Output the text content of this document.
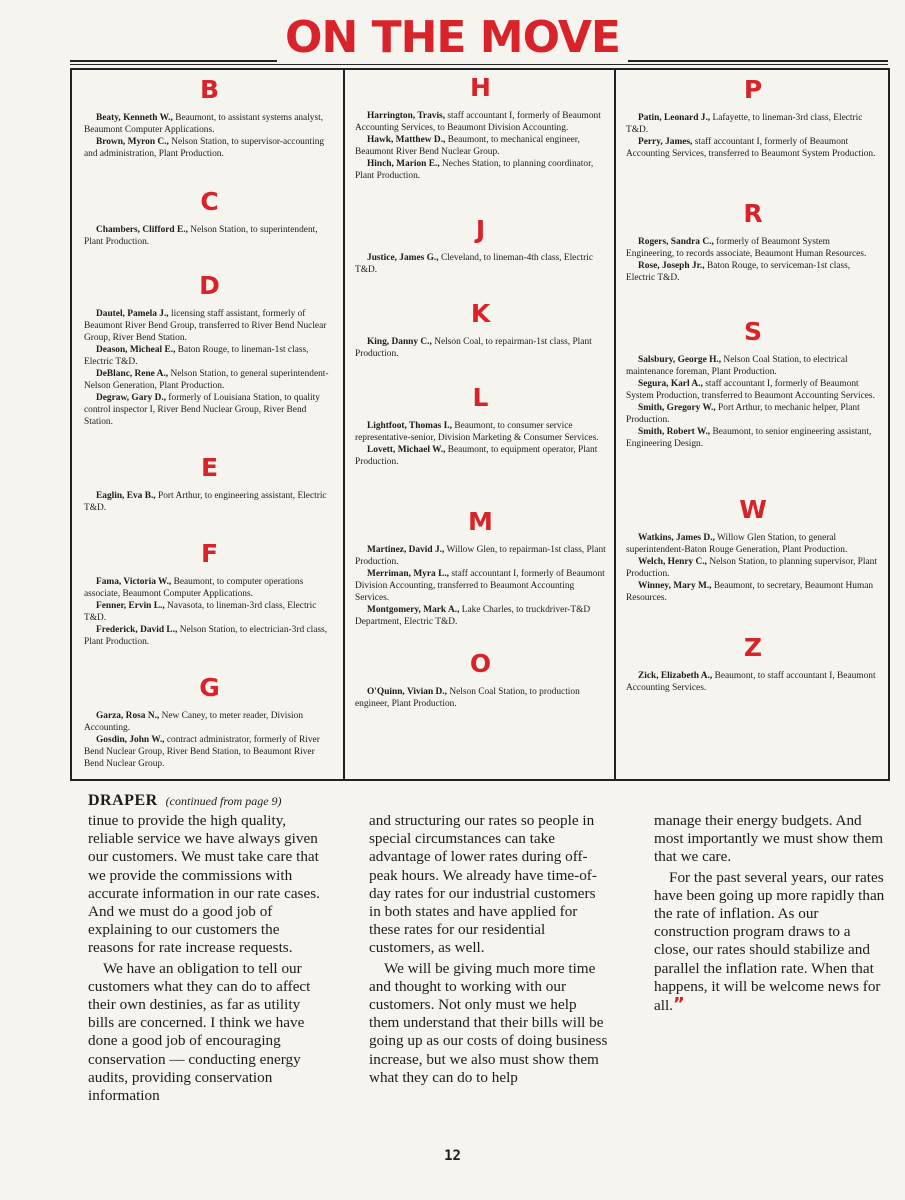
ON THE MOVE
B
Beaty, Kenneth W., Beaumont, to assistant systems analyst, Beaumont Computer Applications.
Brown, Myron C., Nelson Station, to supervisor-accounting and administration, Plant Production.
C
Chambers, Clifford E., Nelson Station, to superintendent, Plant Production.
D
Dautel, Pamela J., licensing staff assistant, formerly of Beaumont River Bend Group, transferred to River Bend Nuclear Group, River Bend Station.
Deason, Micheal E., Baton Rouge, to lineman-1st class, Electric T&D.
DeBlanc, Rene A., Nelson Station, to general superintendent-Nelson Generation, Plant Production.
Degraw, Gary D., formerly of Louisiana Station, to quality control inspector I, River Bend Nuclear Group, River Bend Station.
E
Eaglin, Eva B., Port Arthur, to engineering assistant, Electric T&D.
F
Fama, Victoria W., Beaumont, to computer operations associate, Beaumont Computer Applications.
Fenner, Ervin L., Navasota, to lineman-3rd class, Electric T&D.
Frederick, David L., Nelson Station, to electrician-3rd class, Plant Production.
G
Garza, Rosa N., New Caney, to meter reader, Division Accounting.
Gosdin, John W., contract administrator, formerly of River Bend Nuclear Group, River Bend Station, to Beaumont River Bend Nuclear Group.
H
Harrington, Travis, staff accountant I, formerly of Beaumont Accounting Services, to Beaumont Division Accounting.
Hawk, Matthew D., Beaumont, to mechanical engineer, Beaumont River Bend Nuclear Group.
Hinch, Marion E., Neches Station, to planning coordinator, Plant Production.
J
Justice, James G., Cleveland, to lineman-4th class, Electric T&D.
K
King, Danny C., Nelson Coal, to repairman-1st class, Plant Production.
L
Lightfoot, Thomas I., Beaumont, to consumer service representative-senior, Division Marketing & Consumer Services.
Lovett, Michael W., Beaumont, to equipment operator, Plant Production.
M
Martinez, David J., Willow Glen, to repairman-1st class, Plant Production.
Merriman, Myra L., staff accountant I, formerly of Beaumont Division Accounting, transferred to Beaumont Accounting Services.
Montgomery, Mark A., Lake Charles, to truckdriver-T&D Department, Electric T&D.
O
O'Quinn, Vivian D., Nelson Coal Station, to production engineer, Plant Production.
P
Patin, Leonard J., Lafayette, to lineman-3rd class, Electric T&D.
Perry, James, staff accountant I, formerly of Beaumont Accounting Services, transferred to Beaumont System Production.
R
Rogers, Sandra C., formerly of Beaumont System Engineering, to records associate, Beaumont Human Resources.
Rose, Joseph Jr., Baton Rouge, to serviceman-1st class, Electric T&D.
S
Salsbury, George H., Nelson Coal Station, to electrical maintenance foreman, Plant Production.
Segura, Karl A., staff accountant I, formerly of Beaumont System Production, transferred to Beaumont Accounting Services.
Smith, Gregory W., Port Arthur, to mechanic helper, Plant Production.
Smith, Robert W., Beaumont, to senior engineering assistant, Engineering Design.
W
Watkins, James D., Willow Glen Station, to general superintendent-Baton Rouge Generation, Plant Production.
Welch, Henry C., Nelson Station, to planning supervisor, Plant Production.
Winney, Mary M., Beaumont, to secretary, Beaumont Human Resources.
Z
Zick, Elizabeth A., Beaumont, to staff accountant I, Beaumont Accounting Services.
DRAPER (continued from page 9)

tinue to provide the high quality, reliable service we have always given our customers. We must take care that we provide the commissions with accurate information in our rate cases. And we must do a good job of explaining to our customers the reasons for rate increase requests.

We have an obligation to tell our customers what they can do to affect their own destinies, as far as utility bills are concerned. I think we have done a good job of encouraging conservation — conducting energy audits, providing conservation information

and structuring our rates so people in special circumstances can take advantage of lower rates during off-peak hours. We already have time-of-day rates for our industrial customers in both states and have applied for these rates for our residential customers, as well.

We will be giving much more time and thought to working with our customers. Not only must we help them understand that their bills will be going up as our costs of doing business increase, but we also must show them what they can do to help

manage their energy budgets. And most importantly we must show them that we care.

For the past several years, our rates have been going up more rapidly than the rate of inflation. As our construction program draws to a close, our rates should stabilize and parallel the inflation rate. When that happens, it will be welcome news for all.”

12
